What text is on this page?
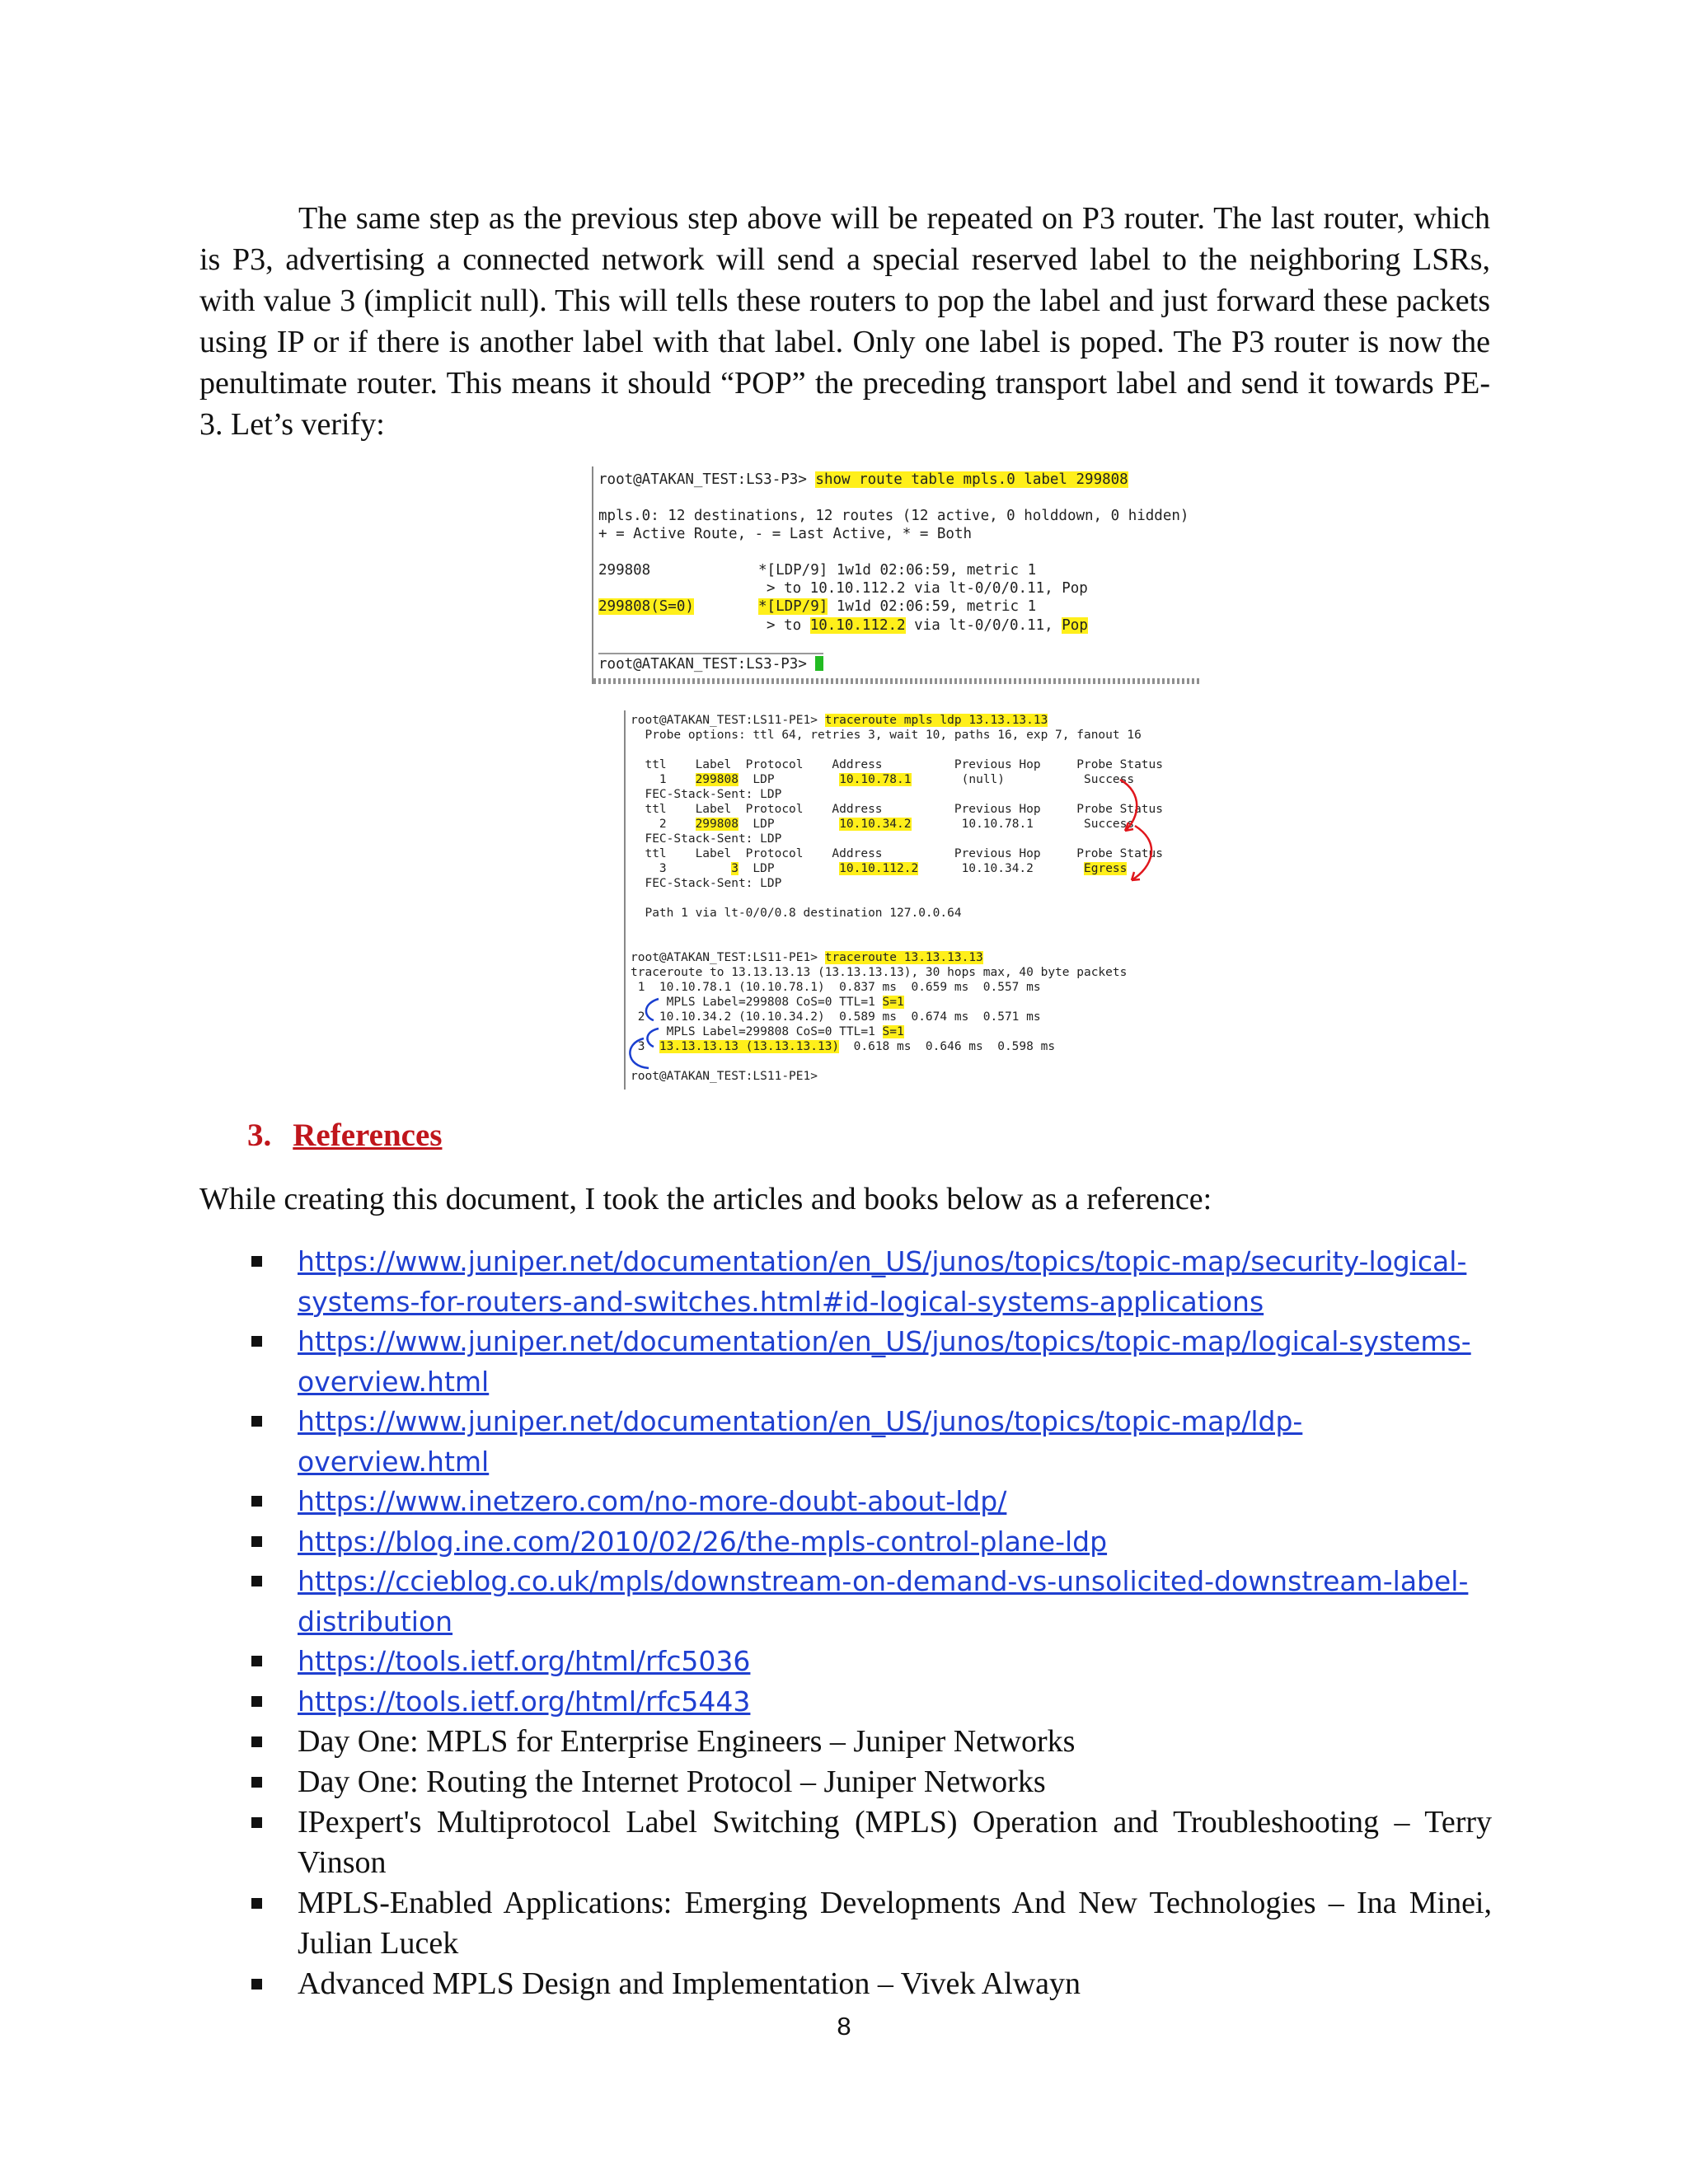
The same step as the previous step above will be repeated on P3 router. The last router, which is P3, advertising a connected network will send a special reserved label to the neighboring LSRs, with value 3 (implicit null). This will tells these routers to pop the label and just forward these packets using IP or if there is another label with that label. Only one label is poped. The P3 router is now the penultimate router. This means it should “POP” the preceding transport label and send it towards PE-3. Let’s verify:

root@ATAKAN_TEST:LS3-P3> show route table mpls.0 label 299808
mpls.0: 12 destinations, 12 routes (12 active, 0 holddown, 0 hidden)
+ = Active Route, - = Last Active, * = Both
299808	*[LDP/9] 1w1d 02:06:59, metric 1
> to 10.10.112.2 via lt-0/0/0.11, Pop
299808(S=0)	*[LDP/9] 1w1d 02:06:59, metric 1
> to 10.10.112.2 via lt-0/0/0.11, Pop
root@ATAKAN_TEST:LS3-P3>
root@ATAKAN_TEST:LS11-PE1> traceroute mpls ldp 13.13.13.13
Probe options: ttl 64, retries 3, wait 10, paths 16, exp 7, fanout 16
ttl    Label  Protocol    Address          Previous Hop     Probe Status
1    299808  LDP         10.10.78.1       (null)           Success
FEC-Stack-Sent: LDP
ttl    Label  Protocol    Address          Previous Hop     Probe Status
2    299808  LDP         10.10.34.2       10.10.78.1       Success
FEC-Stack-Sent: LDP
ttl    Label  Protocol    Address          Previous Hop     Probe Status
3         3  LDP         10.10.112.2      10.10.34.2       Egress
FEC-Stack-Sent: LDP
Path 1 via lt-0/0/0.8 destination 127.0.0.64
root@ATAKAN_TEST:LS11-PE1> traceroute 13.13.13.13
traceroute to 13.13.13.13 (13.13.13.13), 30 hops max, 40 byte packets
1  10.10.78.1 (10.10.78.1)  0.837 ms  0.659 ms  0.557 ms
MPLS Label=299808 CoS=0 TTL=1 S=1
2  10.10.34.2 (10.10.34.2)  0.589 ms  0.674 ms  0.571 ms
MPLS Label=299808 CoS=0 TTL=1 S=1
3  13.13.13.13 (13.13.13.13)  0.618 ms  0.646 ms  0.598 ms
root@ATAKAN_TEST:LS11-PE1>
3. References

While creating this document, I took the articles and books below as a reference:

https://www.juniper.net/documentation/en_US/junos/topics/topic-map/security-logical-systems-for-routers-and-switches.html#id-logical-systems-applications
https://www.juniper.net/documentation/en_US/junos/topics/topic-map/logical-systems-overview.html
https://www.juniper.net/documentation/en_US/junos/topics/topic-map/ldp-overview.html
https://www.inetzero.com/no-more-doubt-about-ldp/
https://blog.ine.com/2010/02/26/the-mpls-control-plane-ldp
https://ccieblog.co.uk/mpls/downstream-on-demand-vs-unsolicited-downstream-label-distribution
https://tools.ietf.org/html/rfc5036
https://tools.ietf.org/html/rfc5443
Day One: MPLS for Enterprise Engineers – Juniper Networks
Day One: Routing the Internet Protocol – Juniper Networks
IPexpert's Multiprotocol Label Switching (MPLS) Operation and Troubleshooting – Terry Vinson
MPLS-Enabled Applications: Emerging Developments And New Technologies – Ina Minei, Julian Lucek
Advanced MPLS Design and Implementation – Vivek Alwayn

8
